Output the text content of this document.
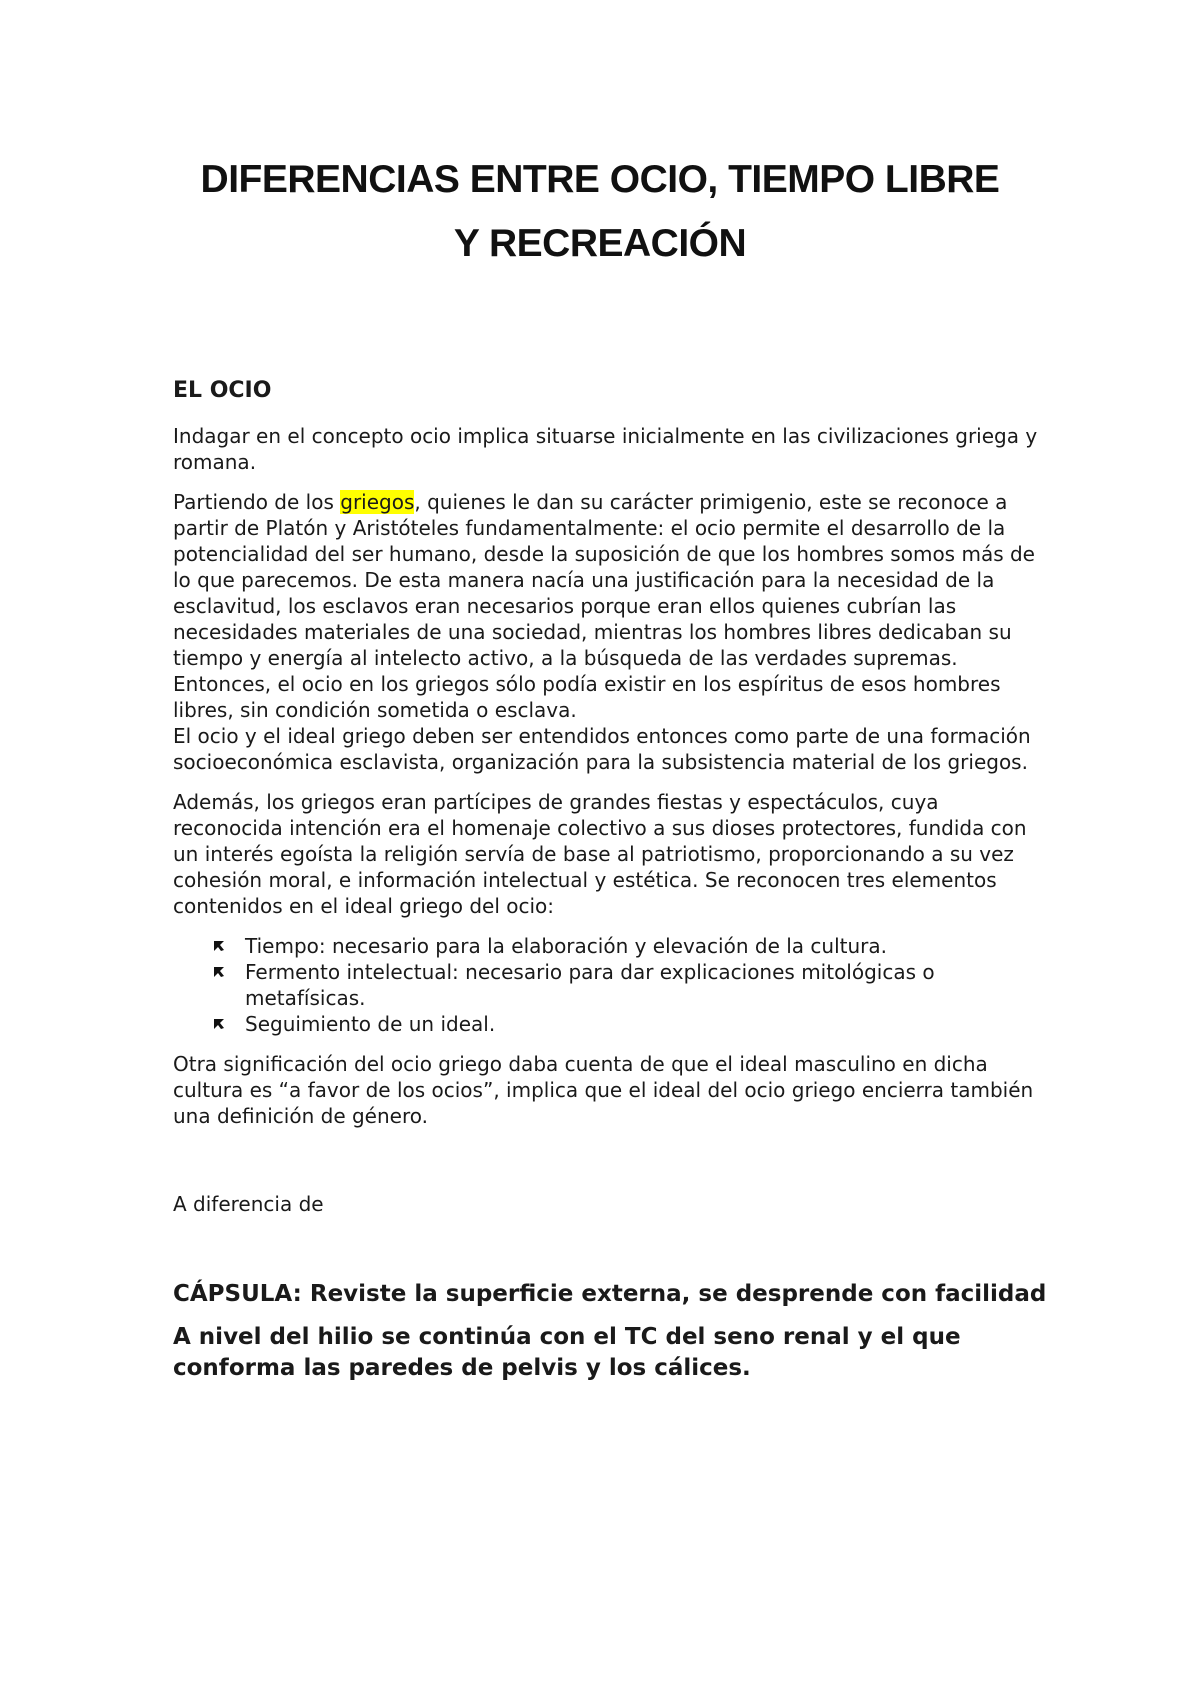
DIFERENCIAS ENTRE OCIO, TIEMPO LIBRE
Y RECREACIÓN
EL OCIO

Indagar en el concepto ocio implica situarse inicialmente en las civilizaciones griega y romana.

Partiendo de los griegos, quienes le dan su carácter primigenio, este se reconoce a partir de Platón y Aristóteles fundamentalmente: el ocio permite el desarrollo de la potencialidad del ser humano, desde la suposición de que los hombres somos más de lo que parecemos. De esta manera nacía una justificación para la necesidad de la esclavitud, los esclavos eran necesarios porque eran ellos quienes cubrían las necesidades materiales de una sociedad, mientras los hombres libres dedicaban su tiempo y energía al intelecto activo, a la búsqueda de las verdades supremas. Entonces, el ocio en los griegos sólo podía existir en los espíritus de esos hombres libres, sin condición sometida o esclava.

El ocio y el ideal griego deben ser entendidos entonces como parte de una formación socioeconómica esclavista, organización para la subsistencia material de los griegos.

Además, los griegos eran partícipes de grandes fiestas y espectáculos, cuya reconocida intención era el homenaje colectivo a sus dioses protectores, fundida con un interés egoísta la religión servía de base al patriotismo, proporcionando a su vez cohesión moral, e información intelectual y estética. Se reconocen tres elementos contenidos en el ideal griego del ocio:

Tiempo: necesario para la elaboración y elevación de la cultura.
Fermento intelectual: necesario para dar explicaciones mitológicas o metafísicas.
Seguimiento de un ideal.

Otra significación del ocio griego daba cuenta de que el ideal masculino en dicha cultura es “a favor de los ocios”, implica que el ideal del ocio griego encierra también una definición de género.

A diferencia de

CÁPSULA: Reviste la superficie externa, se desprende con facilidad
A nivel del hilio se continúa con el TC del seno renal y el que conforma las paredes de pelvis y los cálices.
